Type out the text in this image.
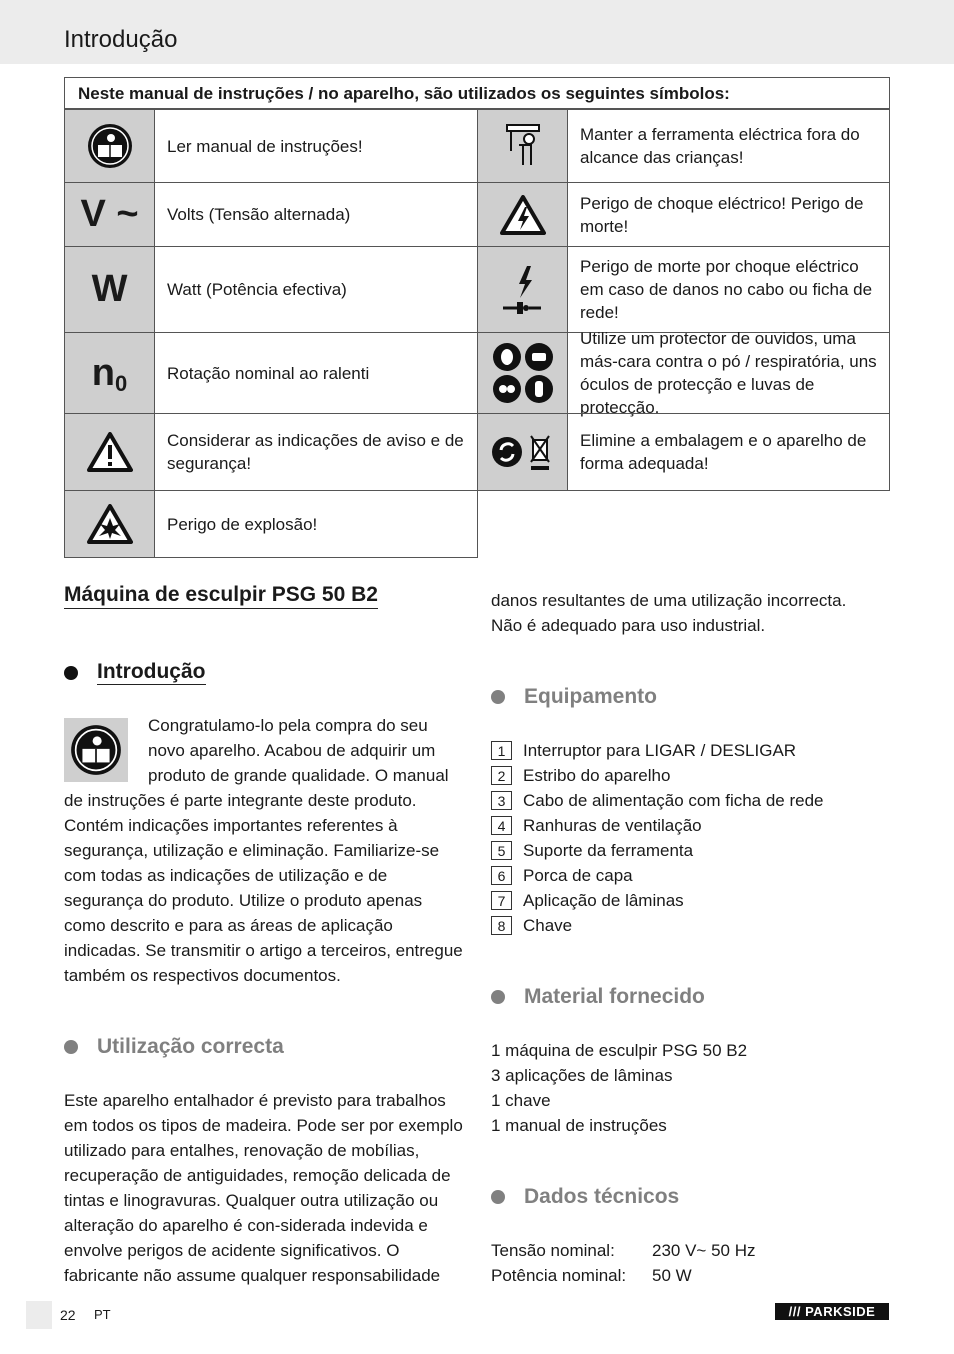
Introdução
Neste manual de instruções / no aparelho, são utilizados os seguintes símbolos:
Ler manual de instruções!
V ~	Volts (Tensão alternada)
W	Watt (Potência efectiva)
$n_0$	Rotação nominal ao ralenti
Considerar as indicações de aviso e de segurança!
Perigo de explosão!
Manter a ferramenta eléctrica fora do alcance das crianças!
Perigo de choque eléctrico! Perigo de morte!
Perigo de morte por choque eléctrico em caso de danos no cabo ou ficha de rede!
Utilize um protector de ouvidos, uma más-cara contra o pó / respiratória, uns óculos de protecção e luvas de protecção.
Elimine a embalagem e o aparelho de forma adequada!
Máquina de esculpir PSG 50 B2
Introdução

Congratulamo-lo pela compra do seu novo aparelho. Acabou de adquirir um produto de grande qualidade. O manual de instruções é parte integrante deste produto. Contém indicações importantes referentes à segurança, utilização e eliminação. Familiarize-se com todas as indicações de utilização e de segurança do produto. Utilize o produto apenas como descrito e para as áreas de aplicação indicadas. Se transmitir o artigo a terceiros, entregue também os respectivos documentos.

Utilização correcta

Este aparelho entalhador é previsto para trabalhos em todos os tipos de madeira. Pode ser por exemplo utilizado para entalhes, renovação de mobílias, recuperação de antiguidades, remoção delicada de tintas e linogravuras. Qualquer outra utilização ou alteração do aparelho é con-siderada indevida e envolve perigos de acidente significativos. O fabricante não assume qualquer responsabilidade

danos resultantes de uma utilização incorrecta.

Não é adequado para uso industrial.

Equipamento
1	Interruptor para LIGAR / DESLIGAR
2	Estribo do aparelho
3	Cabo de alimentação com ficha de rede
4	Ranhuras de ventilação
5	Suporte da ferramenta
6	Porca de capa
7	Aplicação de lâminas
8	Chave
Material fornecido

1 máquina de esculpir PSG 50 B2

3 aplicações de lâminas

1 chave

1 manual de instruções

Dados técnicos
Tensão nominal:	230 V~ 50 Hz
Potência nominal:	50 W
22 PT	/// PARKSIDE
